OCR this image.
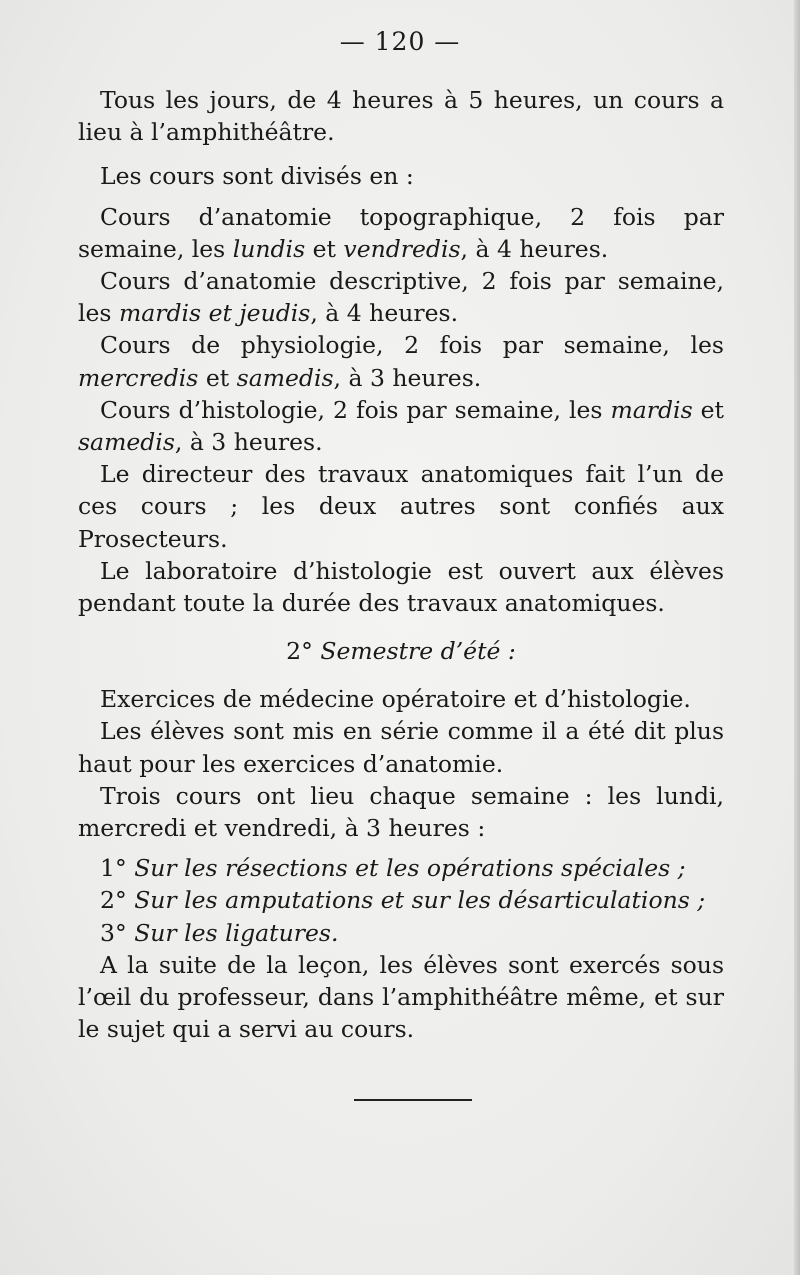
— 120 —

Tous les jours, de 4 heures à 5 heures, un cours a lieu à l’amphithéâtre.

Les cours sont divisés en :

Cours d’anatomie topographique, 2 fois par semaine, les lundis et vendredis, à 4 heures.

Cours d’anatomie descriptive, 2 fois par semaine, les mardis et jeudis, à 4 heures.

Cours de physiologie, 2 fois par semaine, les mercredis et samedis, à 3 heures.

Cours d’histologie, 2 fois par semaine, les mardis et samedis, à 3 heures.

Le directeur des travaux anatomiques fait l’un de ces cours ; les deux autres sont confiés aux Prosecteurs.

Le laboratoire d’histologie est ouvert aux élèves pendant toute la durée des travaux anatomiques.

2° Semestre d’été :

Exercices de médecine opératoire et d’histologie.

Les élèves sont mis en série comme il a été dit plus haut pour les exercices d’anatomie.

Trois cours ont lieu chaque semaine : les lundi, mercredi et vendredi, à 3 heures :

1° Sur les résections et les opérations spéciales ;

2° Sur les amputations et sur les désarticulations ;

3° Sur les ligatures.

A la suite de la leçon, les élèves sont exercés sous l’œil du professeur, dans l’amphithéâtre même, et sur le sujet qui a servi au cours.
